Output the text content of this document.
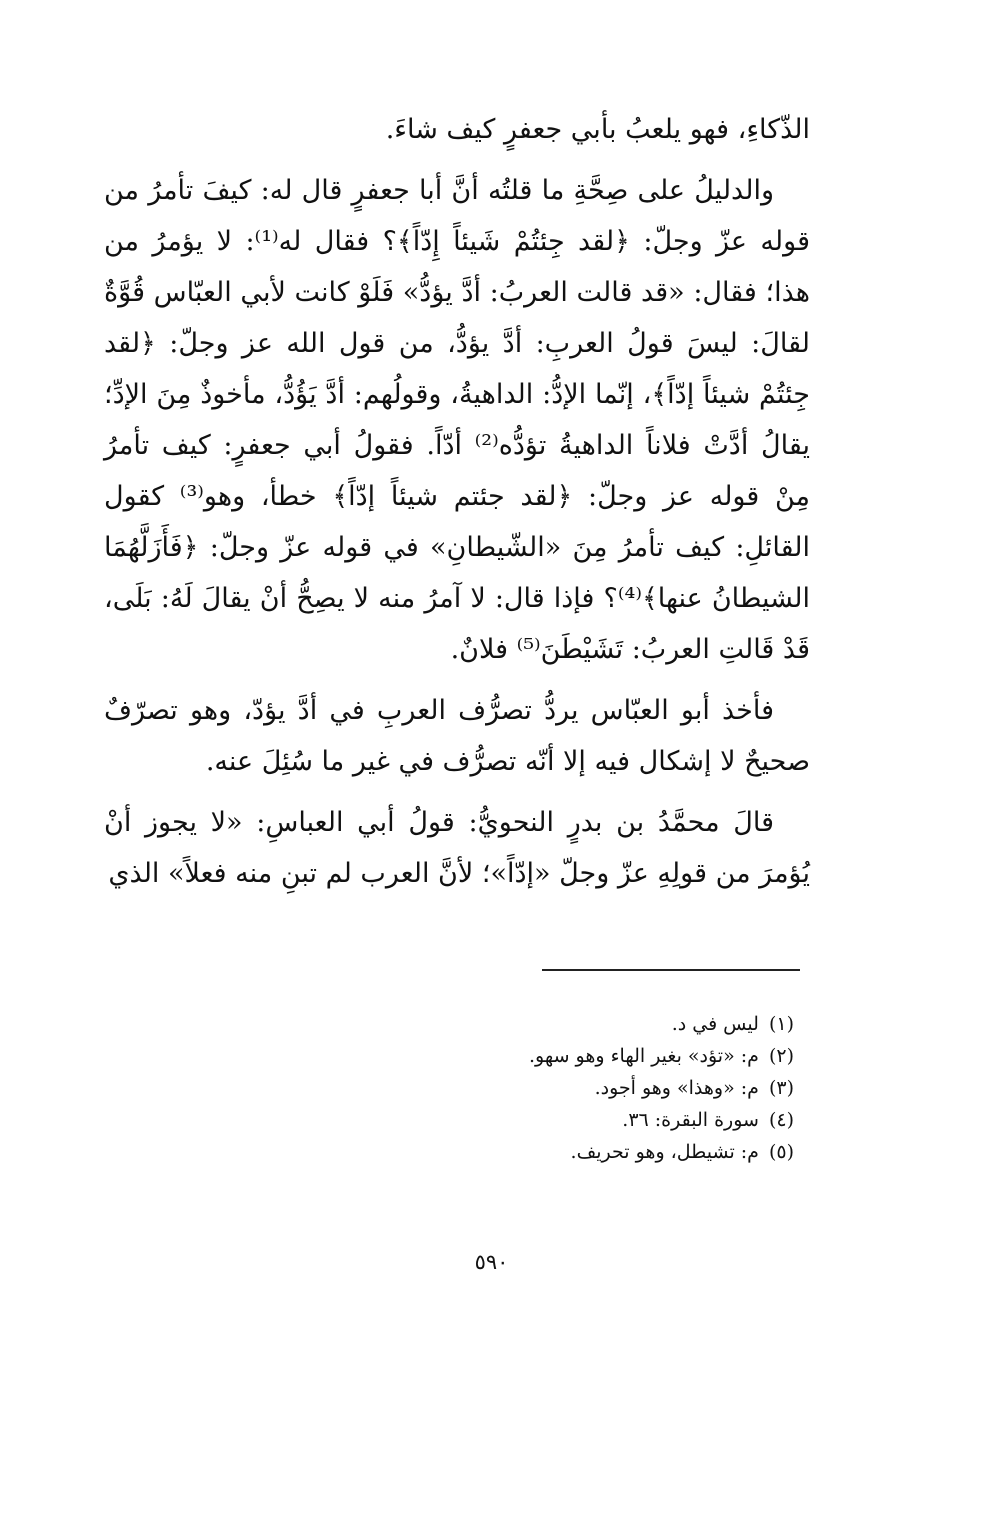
الذّكاءِ، فهو يلعبُ بأبي جعفرٍ كيف شاءَ.

والدليلُ على صِحَّةِ ما قلتُه أنَّ أبا جعفرٍ قال له: كيفَ تأمرُ من قوله عزّ وجلّ: ﴿لقد جِئتُمْ شَيئاً إِدّاً﴾؟ فقال له⁽¹⁾: لا يؤمرُ من هذا؛ فقال: «قد قالت العربُ: أدَّ يؤدُّ» فَلَوْ كانت لأبي العبّاس قُوَّةٌ لقالَ: ليسَ قولُ العربِ: أدَّ يؤدُّ، من قول الله عز وجلّ: ﴿لقد جِئتُمْ شيئاً إدّاً﴾، إنّما الإدُّ: الداهيةُ، وقولُهم: أدَّ يَؤُدُّ، مأخوذٌ مِنَ الإدِّ؛ يقالُ أدَّتْ فلاناً الداهيةُ تؤدُّه⁽²⁾ أدّاً. فقولُ أبي جعفرٍ: كيف تأمرُ مِنْ قوله عز وجلّ: ﴿لقد جئتم شيئاً إدّاً﴾ خطأ، وهو⁽³⁾ كقول القائلِ: كيف تأمرُ مِنَ «الشّيطانِ» في قوله عزّ وجلّ: ﴿فَأَزَلَّهُمَا الشيطانُ عنها﴾⁽⁴⁾؟ فإذا قال: لا آمرُ منه لا يصِحُّ أنْ يقالَ لَهُ: بَلَى، قَدْ قَالتِ العربُ: تَشَيْطَنَ⁽⁵⁾ فلانٌ.

فأخذ أبو العبّاس يردُّ تصرُّف العربِ في أدَّ يؤدّ، وهو تصرّفٌ صحيحٌ لا إشكال فيه إلا أنّه تصرُّف في غير ما سُئِلَ عنه.

قالَ محمَّدُ بن بدرٍ النحويُّ: قولُ أبي العباسِ: «لا يجوز أنْ يُؤمرَ من قولِهِ عزّ وجلّ «إدّاً»؛ لأنَّ العرب لم تبنِ منه فعلاً» الذي

(١)ليس في د.
(٢)م: «تؤد» بغير الهاء وهو سهو.
(٣)م: «وهذا» وهو أجود.
(٤)سورة البقرة: ٣٦.
(٥)م: تشيطل، وهو تحريف.
٥٩٠
